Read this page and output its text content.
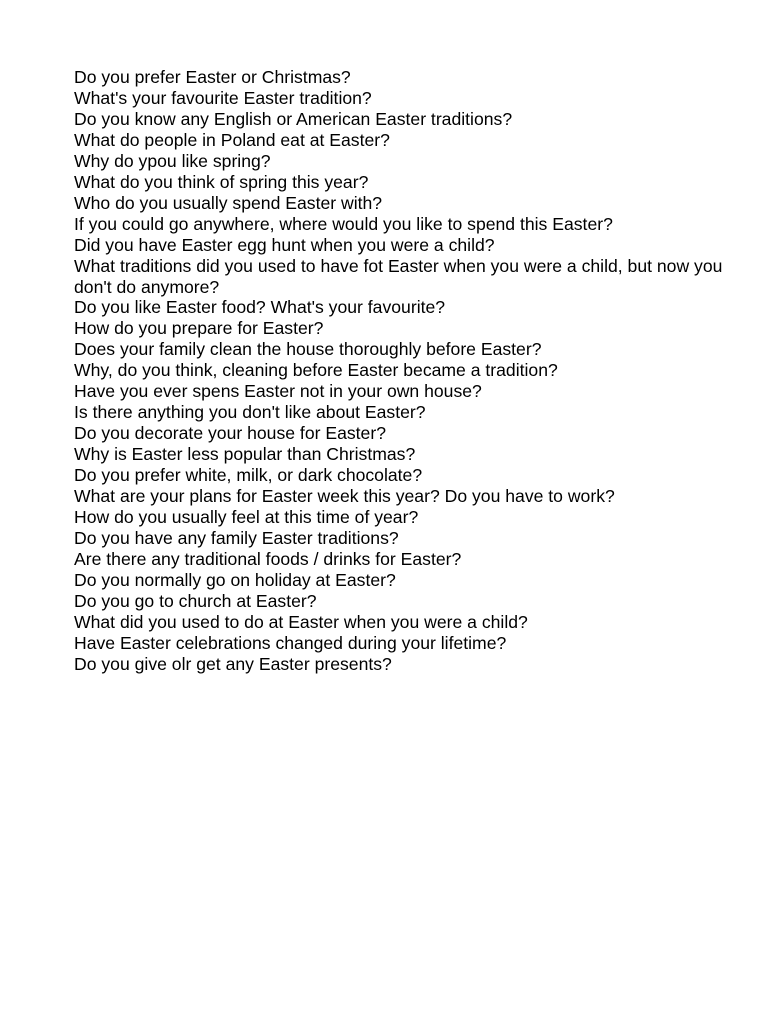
Do you prefer Easter or Christmas?
What's your favourite Easter tradition?
Do you know any English or American Easter traditions?
What do people in Poland eat at Easter?
Why do ypou like spring?
What do you think of spring this year?
Who do you usually spend Easter with?
If you could go anywhere, where would you like to spend this Easter?
Did you have Easter egg hunt when you were a child?
What traditions did you used to have fot Easter when you were a child, but now you don't do anymore?
Do you like Easter food? What's your favourite?
How do you prepare for Easter?
Does your family clean the house thoroughly before Easter?
Why, do you think, cleaning before Easter became a tradition?
Have you ever spens Easter not in your own house?
Is there anything you don't like about Easter?
Do you decorate your house for Easter?
Why is Easter less popular than Christmas?
Do you prefer white, milk, or dark chocolate?
What are your plans for Easter week this year? Do you have to work?
How do you usually feel at this time of year?
Do you have any family Easter traditions?
Are there any traditional foods / drinks for Easter?
Do you normally go on holiday at Easter?
Do you go to church at Easter?
What did you used to do at Easter when you were a child?
Have Easter celebrations changed during your lifetime?
Do you give olr get any Easter presents?
